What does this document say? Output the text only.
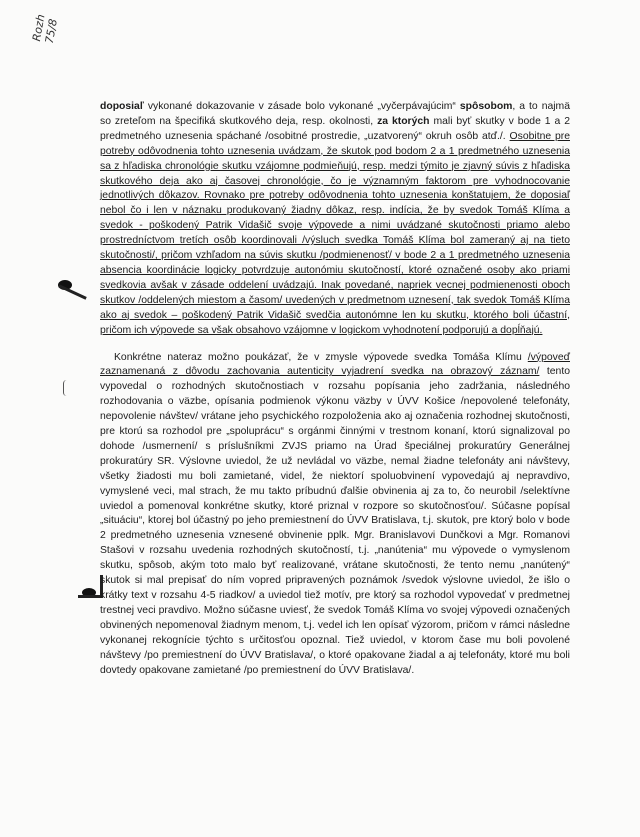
Rozh 75/8

doposiaľ vykonané dokazovanie v zásade bolo vykonané „vyčerpávajúcim“ spôsobom, a to najmä so zreteľom na špecifiká skutkového deja, resp. okolnosti, za ktorých mali byť skutky v bode 1 a 2 predmetného uznesenia spáchané /osobitné prostredie, „uzatvorený“ okruh osôb atď./. Osobitne pre potreby odôvodnenia tohto uznesenia uvádzam, že skutok pod bodom 2 a 1 predmetného uznesenia sa z hľadiska chronológie skutku vzájomne podmieňujú, resp. medzi týmito je zjavný súvis z hľadiska skutkového deja ako aj časovej chronológie, čo je významným faktorom pre vyhodnocovanie jednotlivých dôkazov. Rovnako pre potreby odôvodnenia tohto uznesenia konštatujem, že doposiaľ nebol čo i len v náznaku produkovaný žiadny dôkaz, resp. indícia, že by svedok Tomáš Klíma a svedok - poškodený Patrik Vidašič svoje výpovede a nimi uvádzané skutočnosti priamo alebo prostredníctvom tretích osôb koordinovali /výsluch svedka Tomáš Klíma bol zameraný aj na tieto skutočnosti/, pričom vzhľadom na súvis skutku /podmienenosť/ v bode 2 a 1 predmetného uznesenia absencia koordinácie logicky potvrdzuje autonómiu skutočností, ktoré označené osoby ako priami svedkovia avšak v zásade oddelení uvádzajú. Inak povedané, napriek vecnej podmienenosti oboch skutkov /oddelených miestom a časom/ uvedených v predmetnom uznesení, tak svedok Tomáš Klíma ako aj svedok – poškodený Patrik Vidašič svedčia autonómne len ku skutku, ktorého boli účastní, pričom ich výpovede sa však obsahovo vzájomne v logickom vyhodnotení podporujú a dopĺňajú.

Konkrétne nateraz možno poukázať, že v zmysle výpovede svedka Tomáša Klímu /výpoveď zaznamenaná z dôvodu zachovania autenticity vyjadrení svedka na obrazový záznam/ tento vypovedal o rozhodných skutočnostiach v rozsahu popísania jeho zadržania, následného rozhodovania o väzbe, opísania podmienok výkonu väzby v ÚVV Košice /nepovolené telefonáty, nepovolenie návštev/ vrátane jeho psychického rozpoloženia ako aj označenia rozhodnej skutočnosti, pre ktorú sa rozhodol pre „spoluprácu“ s orgánmi činnými v trestnom konaní, ktorú signalizoval po dohode /usmernení/ s príslušníkmi ZVJS priamo na Úrad špeciálnej prokuratúry Generálnej prokuratúry SR. Výslovne uviedol, že už nevládal vo väzbe, nemal žiadne telefonáty ani návštevy, všetky žiadosti mu boli zamietané, videl, že niektorí spoluobvinení vypovedajú aj nepravdivo, vymyslené veci, mal strach, že mu takto príbudnú ďalšie obvinenia aj za to, čo neurobil /selektívne uviedol a pomenoval konkrétne skutky, ktoré priznal v rozpore so skutočnosťou/. Súčasne popísal „situáciu“, ktorej bol účastný po jeho premiestnení do ÚVV Bratislava, t.j. skutok, pre ktorý bolo v bode 2 predmetného uznesenia vznesené obvinenie pplk. Mgr. Branislavovi Dunčkovi a Mgr. Romanovi Stašovi v rozsahu uvedenia rozhodných skutočností, t.j. „nanútenia“ mu výpovede o vymyslenom skutku, spôsob, akým toto malo byť realizované, vrátane skutočnosti, že tento nemu „nanútený“ skutok si mal prepisať do ním vopred pripravených poznámok /svedok výslovne uviedol, že išlo o krátky text v rozsahu 4-5 riadkov/ a uviedol tiež motív, pre ktorý sa rozhodol vypovedať v predmetnej trestnej veci pravdivo. Možno súčasne uviesť, že svedok Tomáš Klíma vo svojej výpovedi označených obvinených nepomenoval žiadnym menom, t.j. vedel ich len opísať výzorom, pričom v rámci následne vykonanej rekognície týchto s určitosťou opoznal. Tiež uviedol, v ktorom čase mu boli povolené návštevy /po premiestnení do ÚVV Bratislava/, o ktoré opakovane žiadal a aj telefonáty, ktoré mu boli dovtedy opakovane zamietané /po premiestnení do ÚVV Bratislava/.
